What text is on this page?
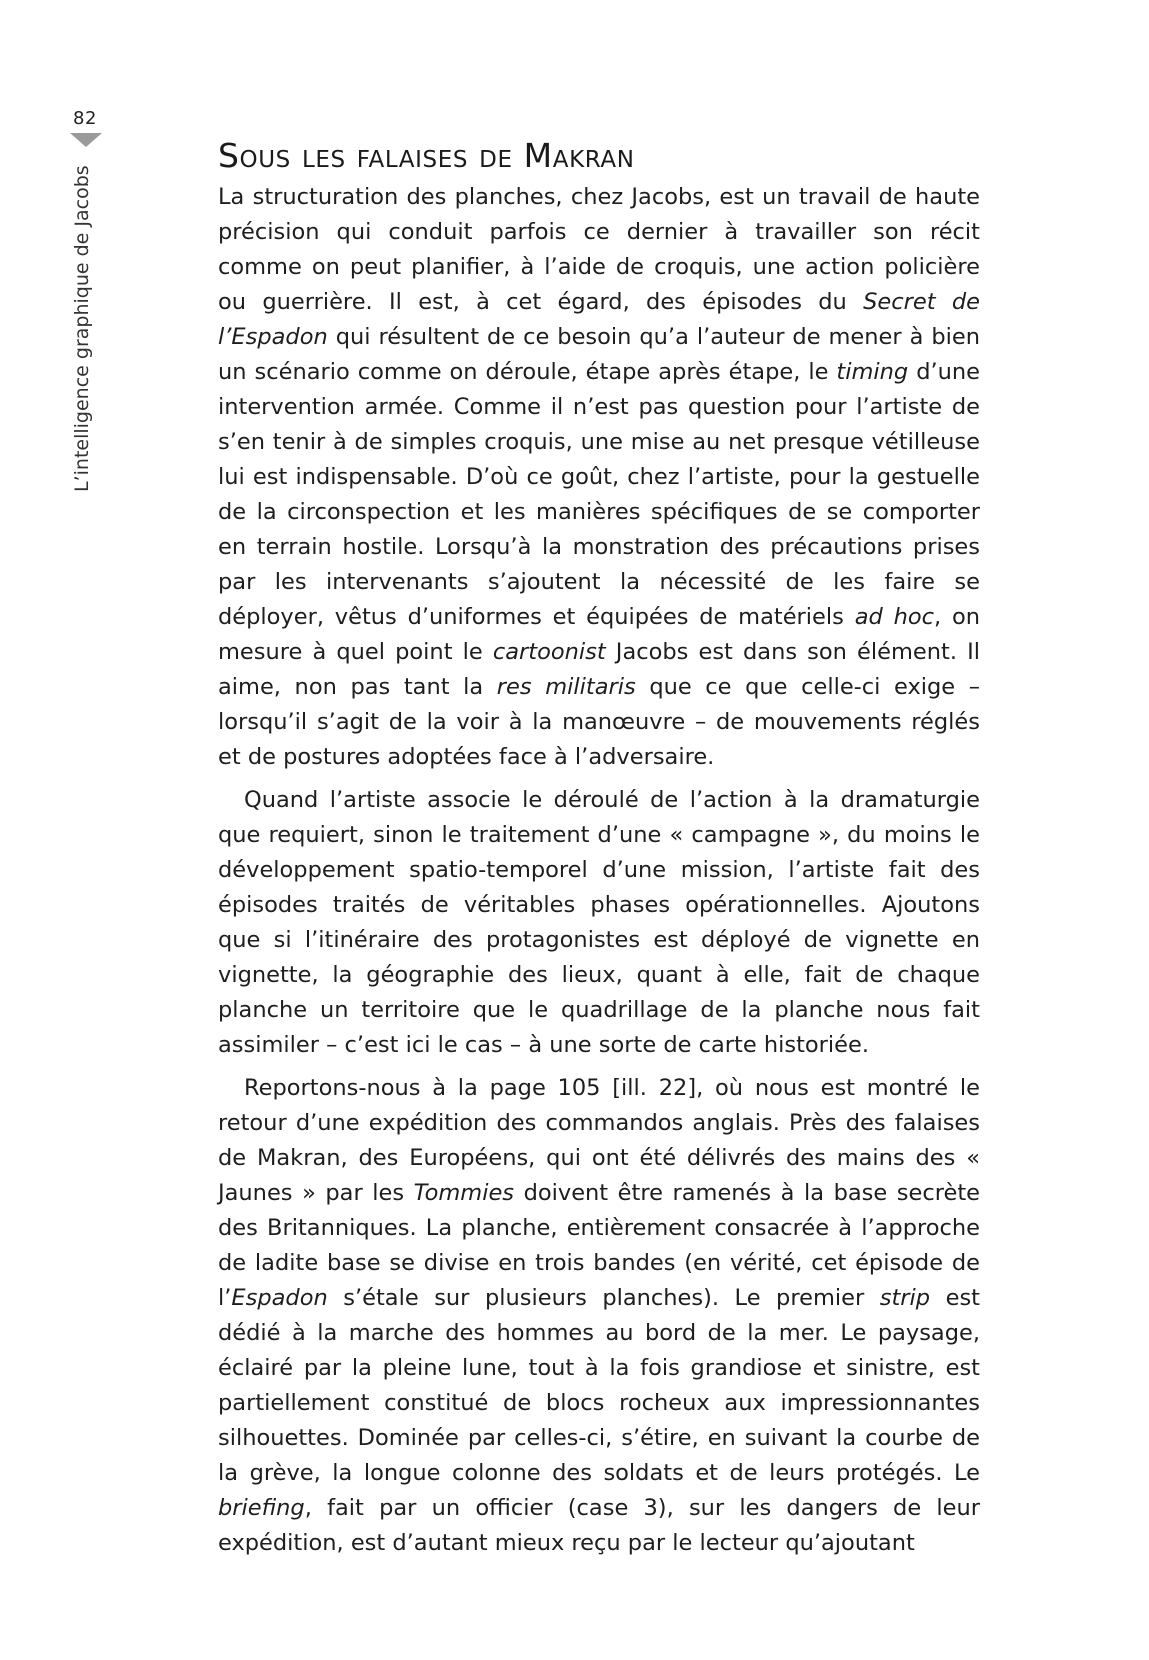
82
L’intelligence graphique de Jacobs
Sous les falaises de Makran

La structuration des planches, chez Jacobs, est un travail de haute précision qui conduit parfois ce dernier à travailler son récit comme on peut planifier, à l’aide de croquis, une action policière ou guerrière. Il est, à cet égard, des épisodes du Secret de l’Espadon qui résultent de ce besoin qu’a l’auteur de mener à bien un scénario comme on déroule, étape après étape, le timing d’une intervention armée. Comme il n’est pas question pour l’artiste de s’en tenir à de simples croquis, une mise au net presque vétilleuse lui est indispensable. D’où ce goût, chez l’artiste, pour la gestuelle de la circonspection et les manières spécifiques de se comporter en terrain hostile. Lorsqu’à la monstration des précautions prises par les intervenants s’ajoutent la nécessité de les faire se déployer, vêtus d’uniformes et équipées de matériels ad hoc, on mesure à quel point le cartoonist Jacobs est dans son élément. Il aime, non pas tant la res militaris que ce que celle-ci exige – lorsqu’il s’agit de la voir à la manœuvre – de mouvements réglés et de postures adoptées face à l’adversaire.

Quand l’artiste associe le déroulé de l’action à la dramaturgie que requiert, sinon le traitement d’une « campagne », du moins le développement spatio-temporel d’une mission, l’artiste fait des épisodes traités de véritables phases opérationnelles. Ajoutons que si l’itinéraire des protagonistes est déployé de vignette en vignette, la géographie des lieux, quant à elle, fait de chaque planche un territoire que le quadrillage de la planche nous fait assimiler – c’est ici le cas – à une sorte de carte historiée.

Reportons-nous à la page 105 [ill. 22], où nous est montré le retour d’une expédition des commandos anglais. Près des falaises de Makran, des Européens, qui ont été délivrés des mains des « Jaunes » par les Tommies doivent être ramenés à la base secrète des Britanniques. La planche, entièrement consacrée à l’approche de ladite base se divise en trois bandes (en vérité, cet épisode de l’Espadon s’étale sur plusieurs planches). Le premier strip est dédié à la marche des hommes au bord de la mer. Le paysage, éclairé par la pleine lune, tout à la fois grandiose et sinistre, est partiellement constitué de blocs rocheux aux impressionnantes silhouettes. Dominée par celles-ci, s’étire, en suivant la courbe de la grève, la longue colonne des soldats et de leurs protégés. Le briefing, fait par un officier (case 3), sur les dangers de leur expédition, est d’autant mieux reçu par le lecteur qu’ajoutant
